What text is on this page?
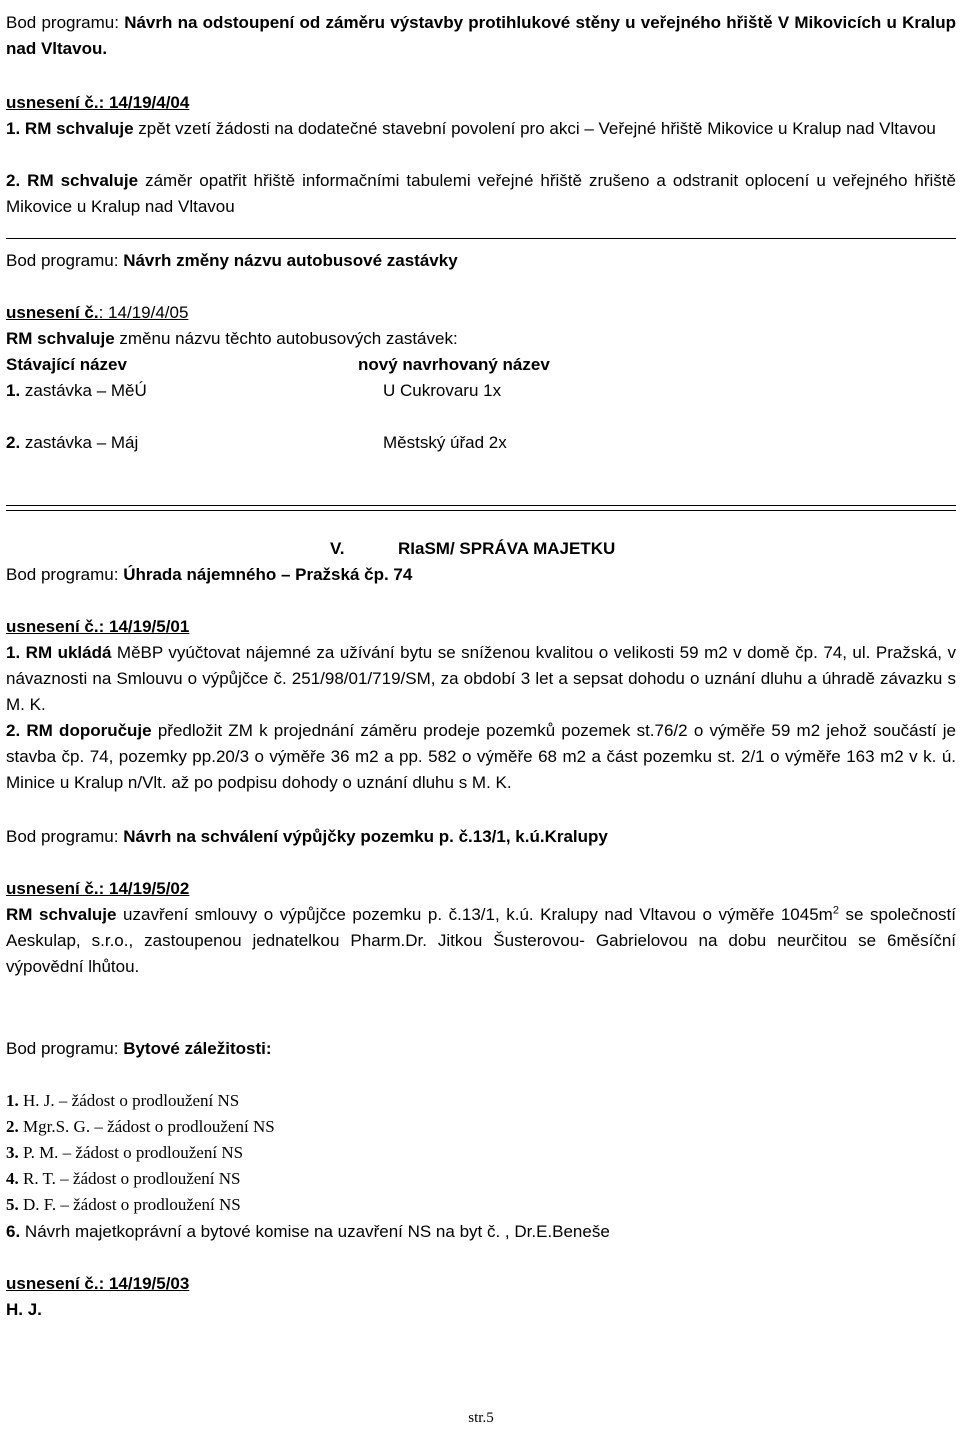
Bod programu: Návrh na odstoupení od záměru výstavby protihlukové stěny u veřejného hřiště V Mikovicích u Kralup nad Vltavou.
usnesení č.: 14/19/4/04
1. RM schvaluje zpět vzetí žádosti na dodatečné stavební povolení pro akci – Veřejné hřiště Mikovice u Kralup nad Vltavou
2. RM schvaluje záměr opatřit hřiště informačními tabulemi veřejné hřiště zrušeno a odstranit oplocení u veřejného hřiště Mikovice u Kralup nad Vltavou
Bod programu: Návrh změny názvu autobusové zastávky
usnesení č.: 14/19/4/05
RM schvaluje změnu názvu těchto autobusových zastávek:
Stávající název	nový navrhovaný název
1. zastávka – MěÚ	U Cukrovaru 1x
2. zastávka – Máj	Městský úřad 2x
V.	RIaSM/ SPRÁVA MAJETKU
Bod programu: Úhrada nájemného – Pražská čp. 74
usnesení č.: 14/19/5/01
1. RM ukládá MěBP vyúčtovat nájemné za užívání bytu se sníženou kvalitou o velikosti 59 m2 v domě čp. 74, ul. Pražská, v návaznosti na Smlouvu o výpůjčce č. 251/98/01/719/SM, za období 3 let a sepsat dohodu o uznání dluhu a úhradě závazku s M. K.
2. RM doporučuje předložit ZM k projednání záměru prodeje pozemků pozemek st.76/2 o výměře 59 m2 jehož součástí je stavba čp. 74, pozemky pp.20/3 o výměře 36 m2 a pp. 582 o výměře 68 m2 a část pozemku st. 2/1 o výměře 163 m2 v k. ú. Minice u Kralup n/Vlt. až po podpisu dohody o uznání dluhu s M. K.
Bod programu: Návrh na schválení výpůjčky pozemku p. č.13/1, k.ú.Kralupy
usnesení č.: 14/19/5/02
RM schvaluje uzavření smlouvy o výpůjčce pozemku p. č.13/1, k.ú. Kralupy nad Vltavou o výměře $1045m^2$ se společností Aeskulap, s.r.o., zastoupenou jednatelkou Pharm.Dr. Jitkou Šusterovou- Gabrielovou na dobu neurčitou se 6měsíční výpovědní lhůtou.
Bod programu: Bytové záležitosti:
1. H. J. – žádost o prodloužení NS
2. Mgr.S. G. – žádost o prodloužení NS
3. P. M. – žádost o prodloužení NS
4. R. T. – žádost o prodloužení NS
5. D. F. – žádost o prodloužení NS
6. Návrh majetkoprávní a bytové komise na uzavření NS na byt č. , Dr.E.Beneše
usnesení č.: 14/19/5/03
H. J.
str.5
